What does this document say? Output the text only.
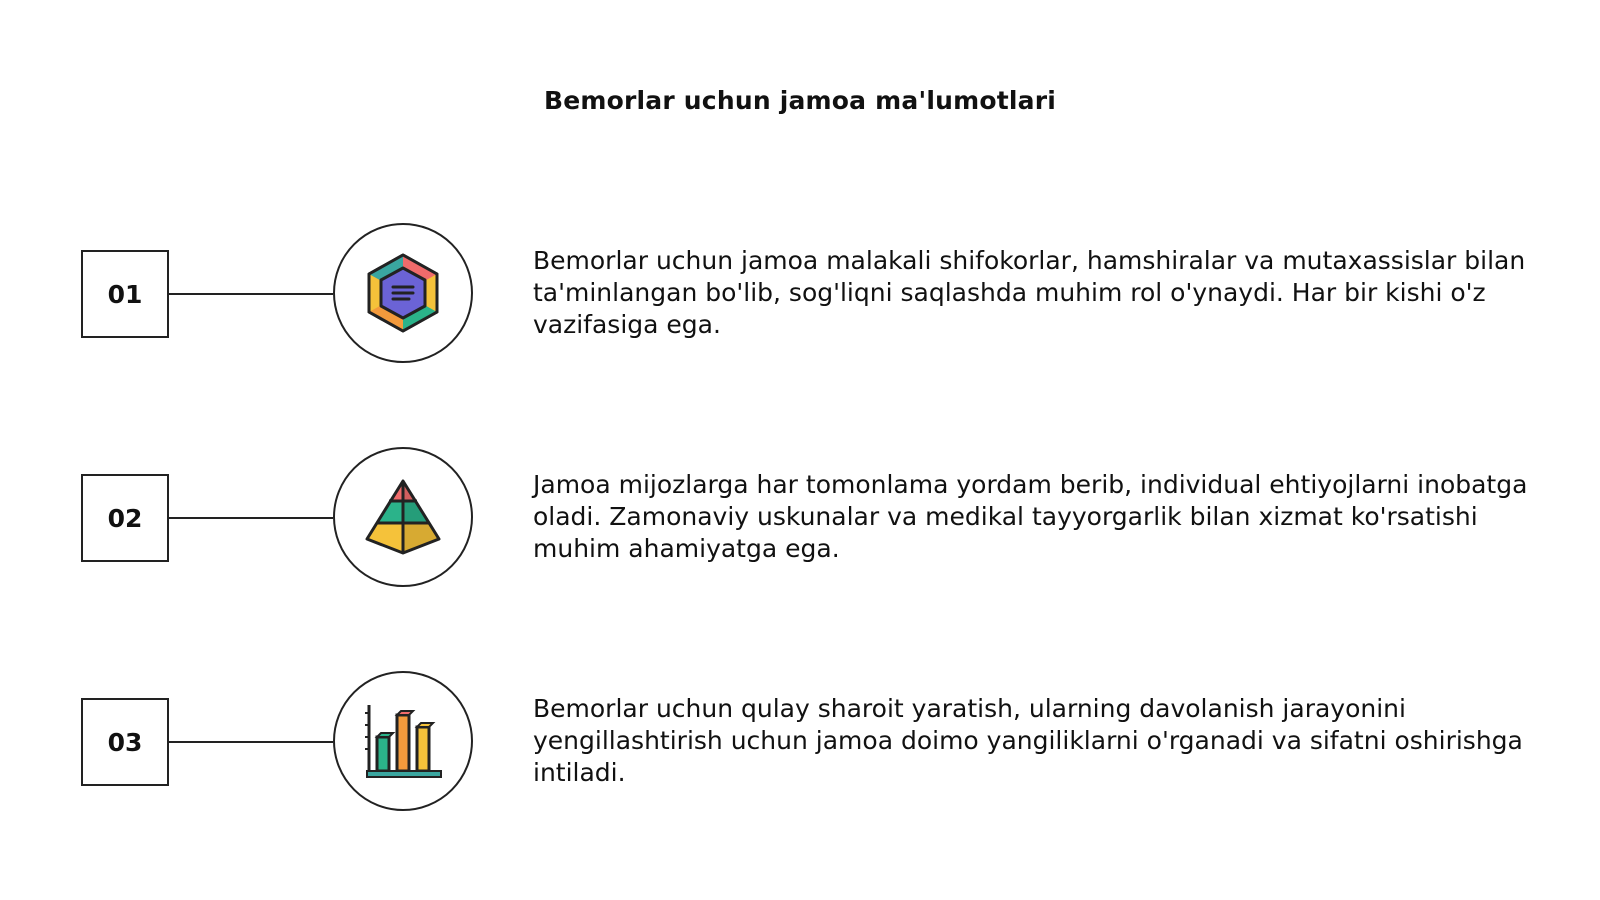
Bemorlar uchun jamoa ma'lumotlari
01
Bemorlar uchun jamoa malakali shifokorlar, hamshiralar va mutaxassislar bilan ta'minlangan bo'lib, sog'liqni saqlashda muhim rol o'ynaydi. Har bir kishi o'z vazifasiga ega.
02
Jamoa mijozlarga har tomonlama yordam berib, individual ehtiyojlarni inobatga oladi. Zamonaviy uskunalar va medikal tayyorgarlik bilan xizmat ko'rsatishi muhim ahamiyatga ega.
03
Bemorlar uchun qulay sharoit yaratish, ularning davolanish jarayonini yengillashtirish uchun jamoa doimo yangiliklarni o'rganadi va sifatni oshirishga intiladi.
